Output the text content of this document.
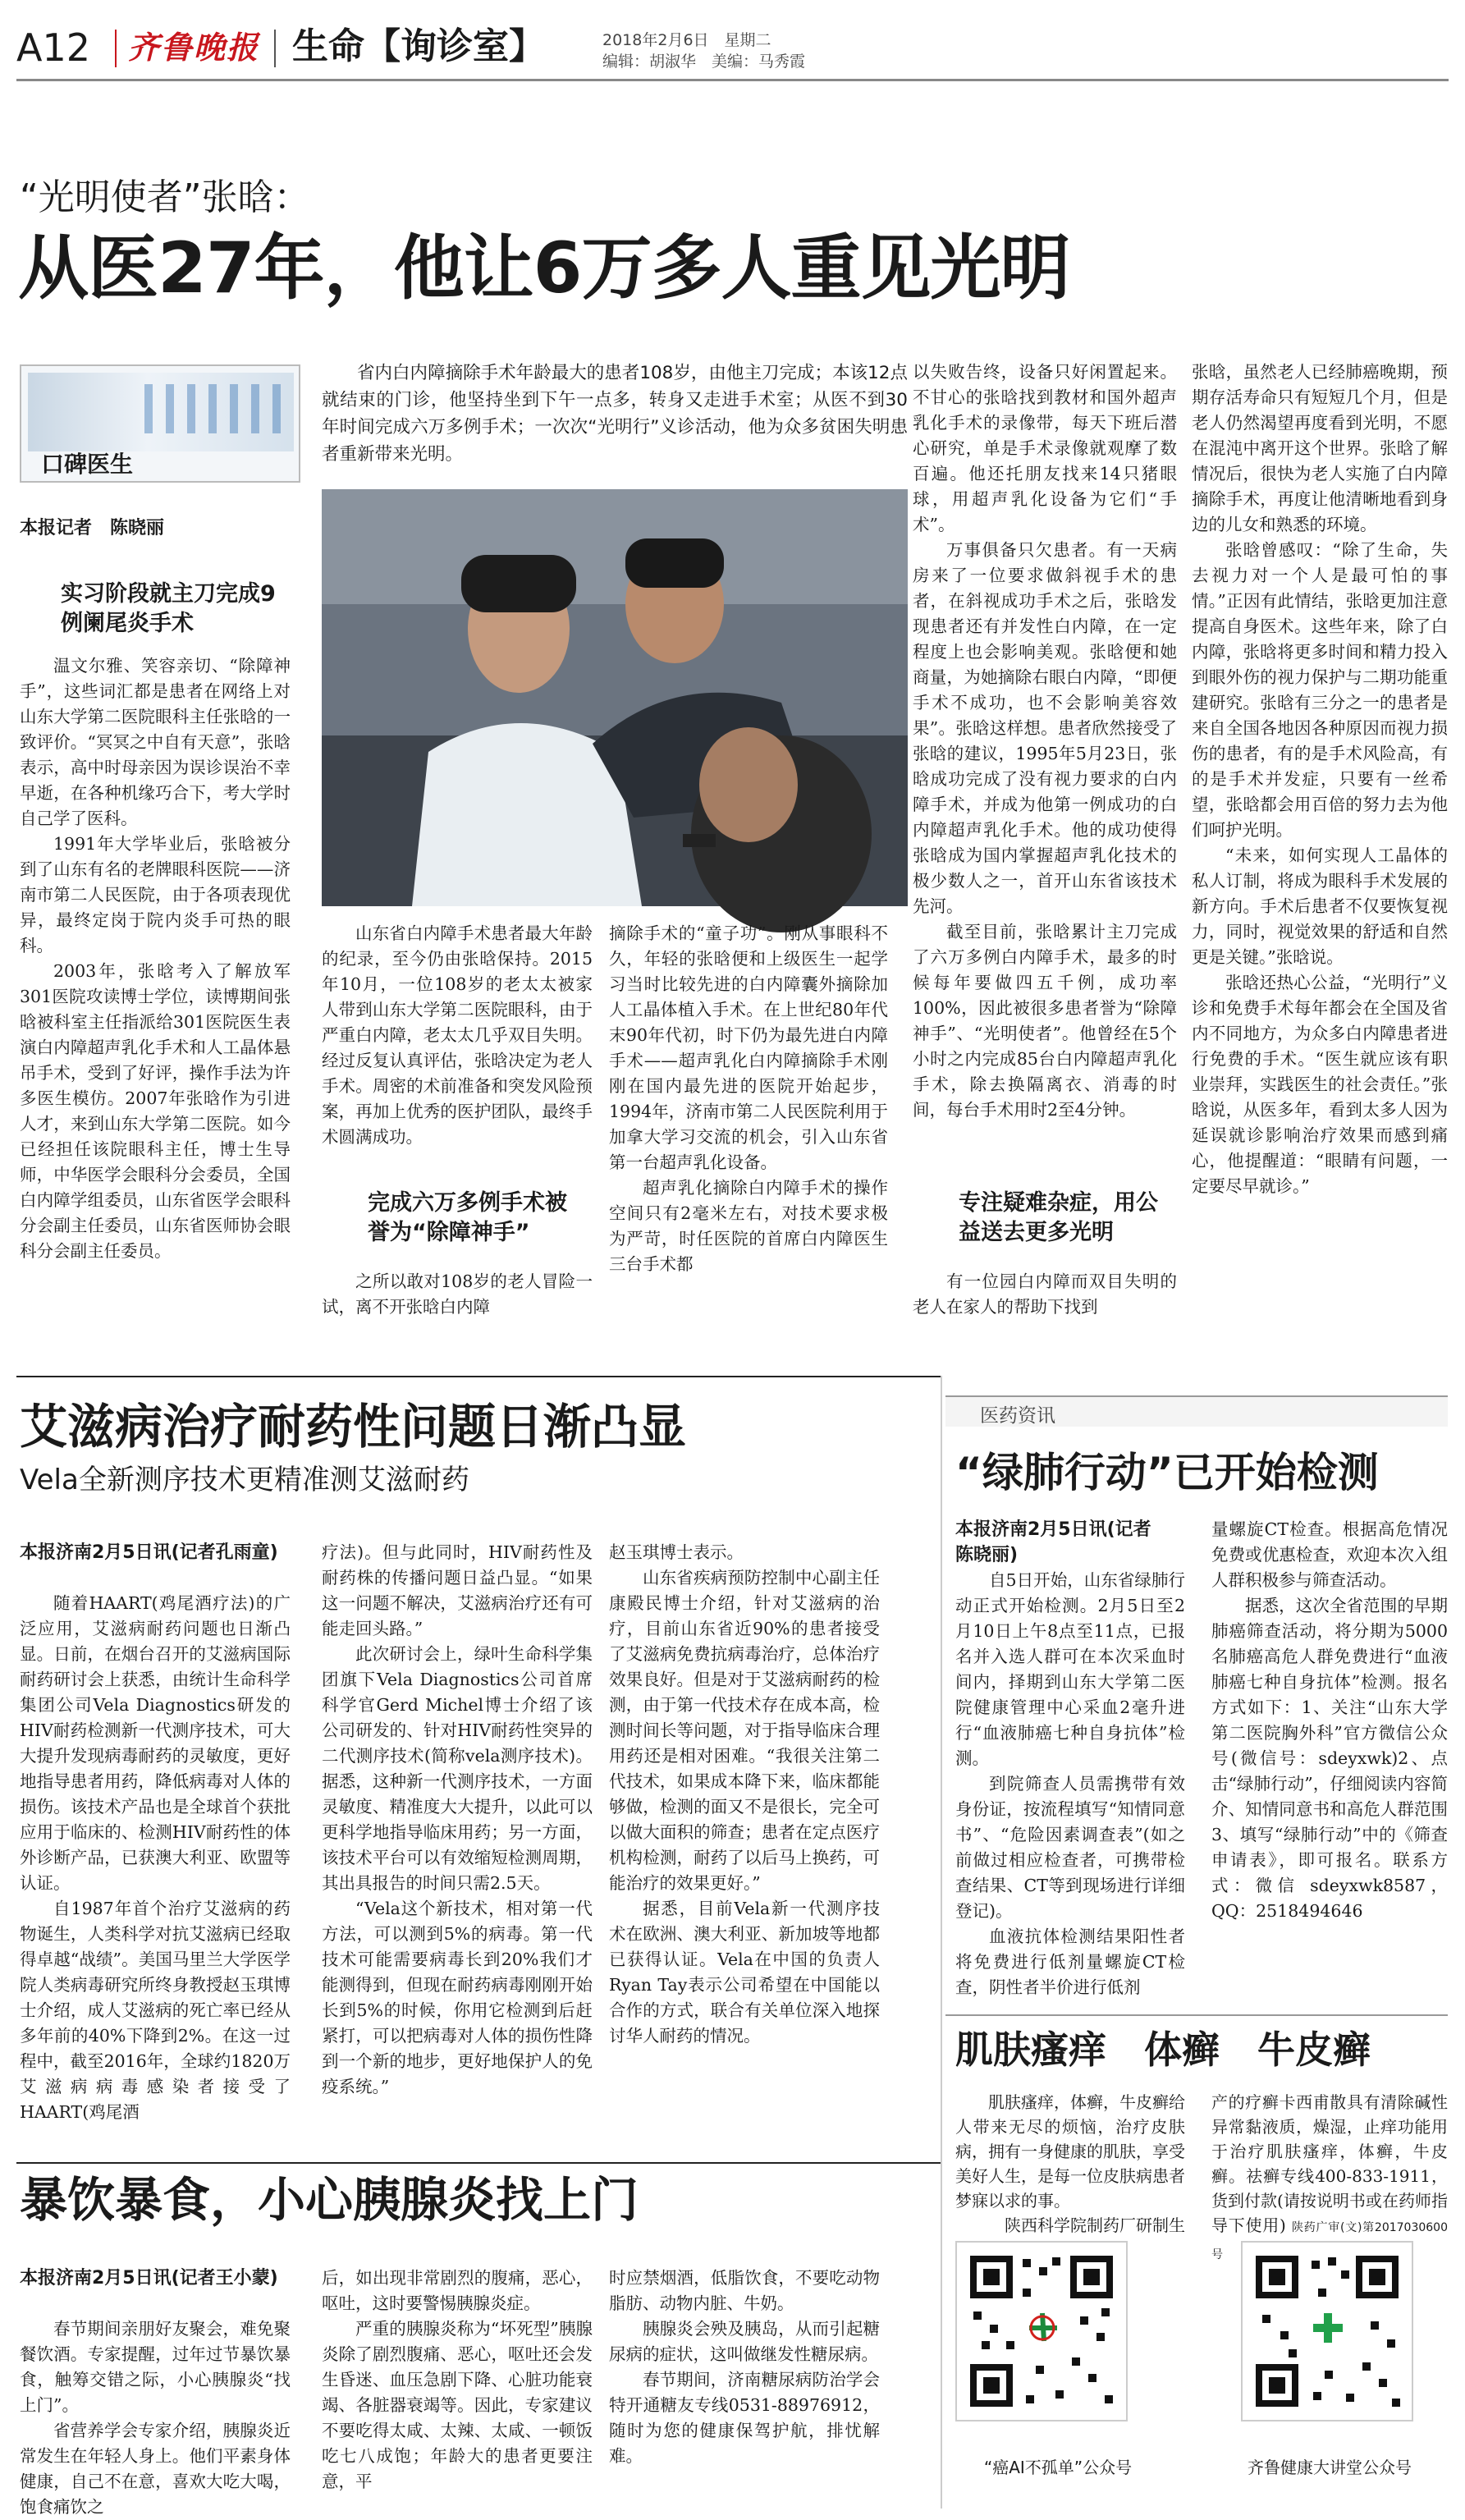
A12 齐鲁晚报 生命【询诊室】	2018年2月6日　星期二
编辑：胡淑华　美编：马秀霞
“光明使者”张晗：
从医27年，他让6万多人重见光明
口碑医生
本报记者　陈晓丽
省内白内障摘除手术年龄最大的患者108岁，由他主刀完成；本该12点就结束的门诊，他坚持坐到下午一点多，转身又走进手术室；从医不到30年时间完成六万多例手术；一次次“光明行”义诊活动，他为众多贫困失明患者重新带来光明。
实习阶段就主刀完成9例阑尾炎手术

温文尔雅、笑容亲切、“除障神手”，这些词汇都是患者在网络上对山东大学第二医院眼科主任张晗的一致评价。“冥冥之中自有天意”，张晗表示，高中时母亲因为误诊误治不幸早逝，在各种机缘巧合下，考大学时自己学了医科。

1991年大学毕业后，张晗被分到了山东有名的老牌眼科医院——济南市第二人民医院，由于各项表现优异，最终定岗于院内炎手可热的眼科。

2003年，张晗考入了解放军301医院攻读博士学位，读博期间张晗被科室主任指派给301医院医生表演白内障超声乳化手术和人工晶体悬吊手术，受到了好评，操作手法为许多医生模仿。2007年张晗作为引进人才，来到山东大学第二医院。如今已经担任该院眼科主任，博士生导师，中华医学会眼科分会委员，全国白内障学组委员，山东省医学会眼科分会副主任委员，山东省医师协会眼科分会副主任委员。

山东省白内障手术患者最大年龄的纪录，至今仍由张晗保持。2015年10月，一位108岁的老太太被家人带到山东大学第二医院眼科，由于严重白内障，老太太几乎双目失明。经过反复认真评估，张晗决定为老人手术。周密的术前准备和突发风险预案，再加上优秀的医护团队，最终手术圆满成功。

完成六万多例手术被誉为“除障神手”

之所以敢对108岁的老人冒险一试，离不开张晗白内障

摘除手术的“童子功”。刚从事眼科不久，年轻的张晗便和上级医生一起学习当时比较先进的白内障囊外摘除加人工晶体植入手术。在上世纪80年代末90年代初，时下仍为最先进白内障手术——超声乳化白内障摘除手术刚刚在国内最先进的医院开始起步，1994年，济南市第二人民医院利用于加拿大学习交流的机会，引入山东省第一台超声乳化设备。

超声乳化摘除白内障手术的操作空间只有2毫米左右，对技术要求极为严苛，时任医院的首席白内障医生三台手术都

以失败告终，设备只好闲置起来。不甘心的张晗找到教材和国外超声乳化手术的录像带，每天下班后潜心研究，单是手术录像就观摩了数百遍。他还托朋友找来14只猪眼球，用超声乳化设备为它们“手术”。

万事俱备只欠患者。有一天病房来了一位要求做斜视手术的患者，在斜视成功手术之后，张晗发现患者还有并发性白内障，在一定程度上也会影响美观。张晗便和她商量，为她摘除右眼白内障，“即便手术不成功，也不会影响美容效果”。张晗这样想。患者欣然接受了张晗的建议，1995年5月23日，张晗成功完成了没有视力要求的白内障手术，并成为他第一例成功的白内障超声乳化手术。他的成功使得张晗成为国内掌握超声乳化技术的极少数人之一，首开山东省该技术先河。

截至目前，张晗累计主刀完成了六万多例白内障手术，最多的时候每年要做四五千例，成功率100%，因此被很多患者誉为“除障神手”、“光明使者”。他曾经在5个小时之内完成85台白内障超声乳化手术，除去换隔离衣、消毒的时间，每台手术用时2至4分钟。

专注疑难杂症，用公益送去更多光明

有一位园白内障而双目失明的老人在家人的帮助下找到

张晗，虽然老人已经肺癌晚期，预期存活寿命只有短短几个月，但是老人仍然渴望再度看到光明，不愿在混沌中离开这个世界。张晗了解情况后，很快为老人实施了白内障摘除手术，再度让他清晰地看到身边的儿女和熟悉的环境。

张晗曾感叹：“除了生命，失去视力对一个人是最可怕的事情。”正因有此情结，张晗更加注意提高自身医术。这些年来，除了白内障，张晗将更多时间和精力投入到眼外伤的视力保护与二期功能重建研究。张晗有三分之一的患者是来自全国各地因各种原因而视力损伤的患者，有的是手术风险高，有的是手术并发症，只要有一丝希望，张晗都会用百倍的努力去为他们呵护光明。

“未来，如何实现人工晶体的私人订制，将成为眼科手术发展的新方向。手术后患者不仅要恢复视力，同时，视觉效果的舒适和自然更是关键。”张晗说。

张晗还热心公益，“光明行”义诊和免费手术每年都会在全国及省内不同地方，为众多白内障患者进行免费的手术。“医生就应该有职业崇拜，实践医生的社会责任。”张晗说，从医多年，看到太多人因为延误就诊影响治疗效果而感到痛心，他提醒道：“眼睛有问题，一定要尽早就诊。”

艾滋病治疗耐药性问题日渐凸显
Vela全新测序技术更精准测艾滋耐药
本报济南2月5日讯(记者孔雨童)

随着HAART(鸡尾酒疗法)的广泛应用，艾滋病耐药问题也日渐凸显。日前，在烟台召开的艾滋病国际耐药研讨会上获悉，由统计生命科学集团公司Vela Diagnostics研发的HIV耐药检测新一代测序技术，可大大提升发现病毒耐药的灵敏度，更好地指导患者用药，降低病毒对人体的损伤。该技术产品也是全球首个获批应用于临床的、检测HIV耐药性的体外诊断产品，已获澳大利亚、欧盟等认证。

自1987年首个治疗艾滋病的药物诞生，人类科学对抗艾滋病已经取得卓越“战绩”。美国马里兰大学医学院人类病毒研究所终身教授赵玉琪博士介绍，成人艾滋病的死亡率已经从多年前的40%下降到2%。在这一过程中，截至2016年，全球约1820万艾滋病病毒感染者接受了HAART(鸡尾酒

疗法)。但与此同时，HIV耐药性及耐药株的传播问题日益凸显。“如果这一问题不解决，艾滋病治疗还有可能走回头路。”

此次研讨会上，绿叶生命科学集团旗下Vela Diagnostics公司首席科学官Gerd Michel博士介绍了该公司研发的、针对HIV耐药性突异的二代测序技术(简称vela测序技术)。据悉，这种新一代测序技术，一方面灵敏度、精准度大大提升，以此可以更科学地指导临床用药；另一方面，该技术平台可以有效缩短检测周期，其出具报告的时间只需2.5天。

“Vela这个新技术，相对第一代方法，可以测到5%的病毒。第一代技术可能需要病毒长到20%我们才能测得到，但现在耐药病毒刚刚开始长到5%的时候，你用它检测到后赶紧打，可以把病毒对人体的损伤性降到一个新的地步，更好地保护人的免疫系统。”

赵玉琪博士表示。

山东省疾病预防控制中心副主任康殿民博士介绍，针对艾滋病的治疗，目前山东省近90%的患者接受了艾滋病免费抗病毒治疗，总体治疗效果良好。但是对于艾滋病耐药的检测，由于第一代技术存在成本高，检测时间长等问题，对于指导临床合理用药还是相对困难。“我很关注第二代技术，如果成本降下来，临床都能够做，检测的面又不是很长，完全可以做大面积的筛查；患者在定点医疗机构检测，耐药了以后马上换药，可能治疗的效果更好。”

据悉，目前Vela新一代测序技术在欧洲、澳大利亚、新加坡等地都已获得认证。Vela在中国的负责人Ryan Tay表示公司希望在中国能以合作的方式，联合有关单位深入地探讨华人耐药的情况。

暴饮暴食，小心胰腺炎找上门
本报济南2月5日讯(记者王小蒙)

春节期间亲朋好友聚会，难免聚餐饮酒。专家提醒，过年过节暴饮暴食，触筹交错之际，小心胰腺炎“找上门”。

省营养学会专家介绍，胰腺炎近常发生在年轻人身上。他们平素身体健康，自己不在意，喜欢大吃大喝，饱食痛饮之

后，如出现非常剧烈的腹痛，恶心，呕吐，这时要警惕胰腺炎症。

严重的胰腺炎称为“坏死型”胰腺炎除了剧烈腹痛、恶心，呕吐还会发生昏迷、血压急剧下降、心脏功能衰竭、各脏器衰竭等。因此，专家建议不要吃得太咸、太辣、太咸、一顿饭吃七八成饱；年龄大的患者更要注意，平

时应禁烟酒，低脂饮食，不要吃动物脂肪、动物内脏、牛奶。

胰腺炎会殃及胰岛，从而引起糖尿病的症状，这叫做继发性糖尿病。

春节期间，济南糖尿病防治学会特开通糖友专线0531-88976912，随时为您的健康保驾护航，排忧解难。

医药资讯
“绿肺行动”已开始检测
本报济南2月5日讯(记者　陈晓丽)

自5日开始，山东省绿肺行动正式开始检测。2月5日至2月10日上午8点至11点，已报名并入选人群可在本次采血时间内，择期到山东大学第二医院健康管理中心采血2毫升进行“血液肺癌七种自身抗体”检测。

到院筛查人员需携带有效身份证，按流程填写“知情同意书”、“危险因素调查表”(如之前做过相应检查者，可携带检查结果、CT等到现场进行详细登记)。

血液抗体检测结果阳性者将免费进行低剂量螺旋CT检查，阴性者半价进行低剂

量螺旋CT检查。根据高危情况免费或优惠检查，欢迎本次入组人群积极参与筛查活动。

据悉，这次全省范围的早期肺癌筛查活动，将分期为5000名肺癌高危人群免费进行“血液肺癌七种自身抗体”检测。报名方式如下：1、关注“山东大学第二医院胸外科”官方微信公众号(微信号：sdeyxwk)2、点击“绿肺行动”，仔细阅读内容简介、知情同意书和高危人群范围3、填写“绿肺行动”中的《筛查申请表》，即可报名。联系方式：微信 sdeyxwk8587，QQ：2518494646

肌肤瘙痒　体癣　牛皮癣
肌肤瘙痒，体癣，牛皮癣给人带来无尽的烦恼，治疗皮肤病，拥有一身健康的肌肤，享受美好人生，是每一位皮肤病患者梦寐以求的事。
陕西科学院制药厂研制生
产的疗癣卡西甫散具有清除碱性异常黏液质，燥湿，止痒功能用于治疗肌肤瘙痒，体癣，牛皮癣。祛癣专线400-833-1911，货到付款(请按说明书或在药师指导下使用) 陕药广审(文)第2017030600号
“癌AI不孤单”公众号	齐鲁健康大讲堂公众号
